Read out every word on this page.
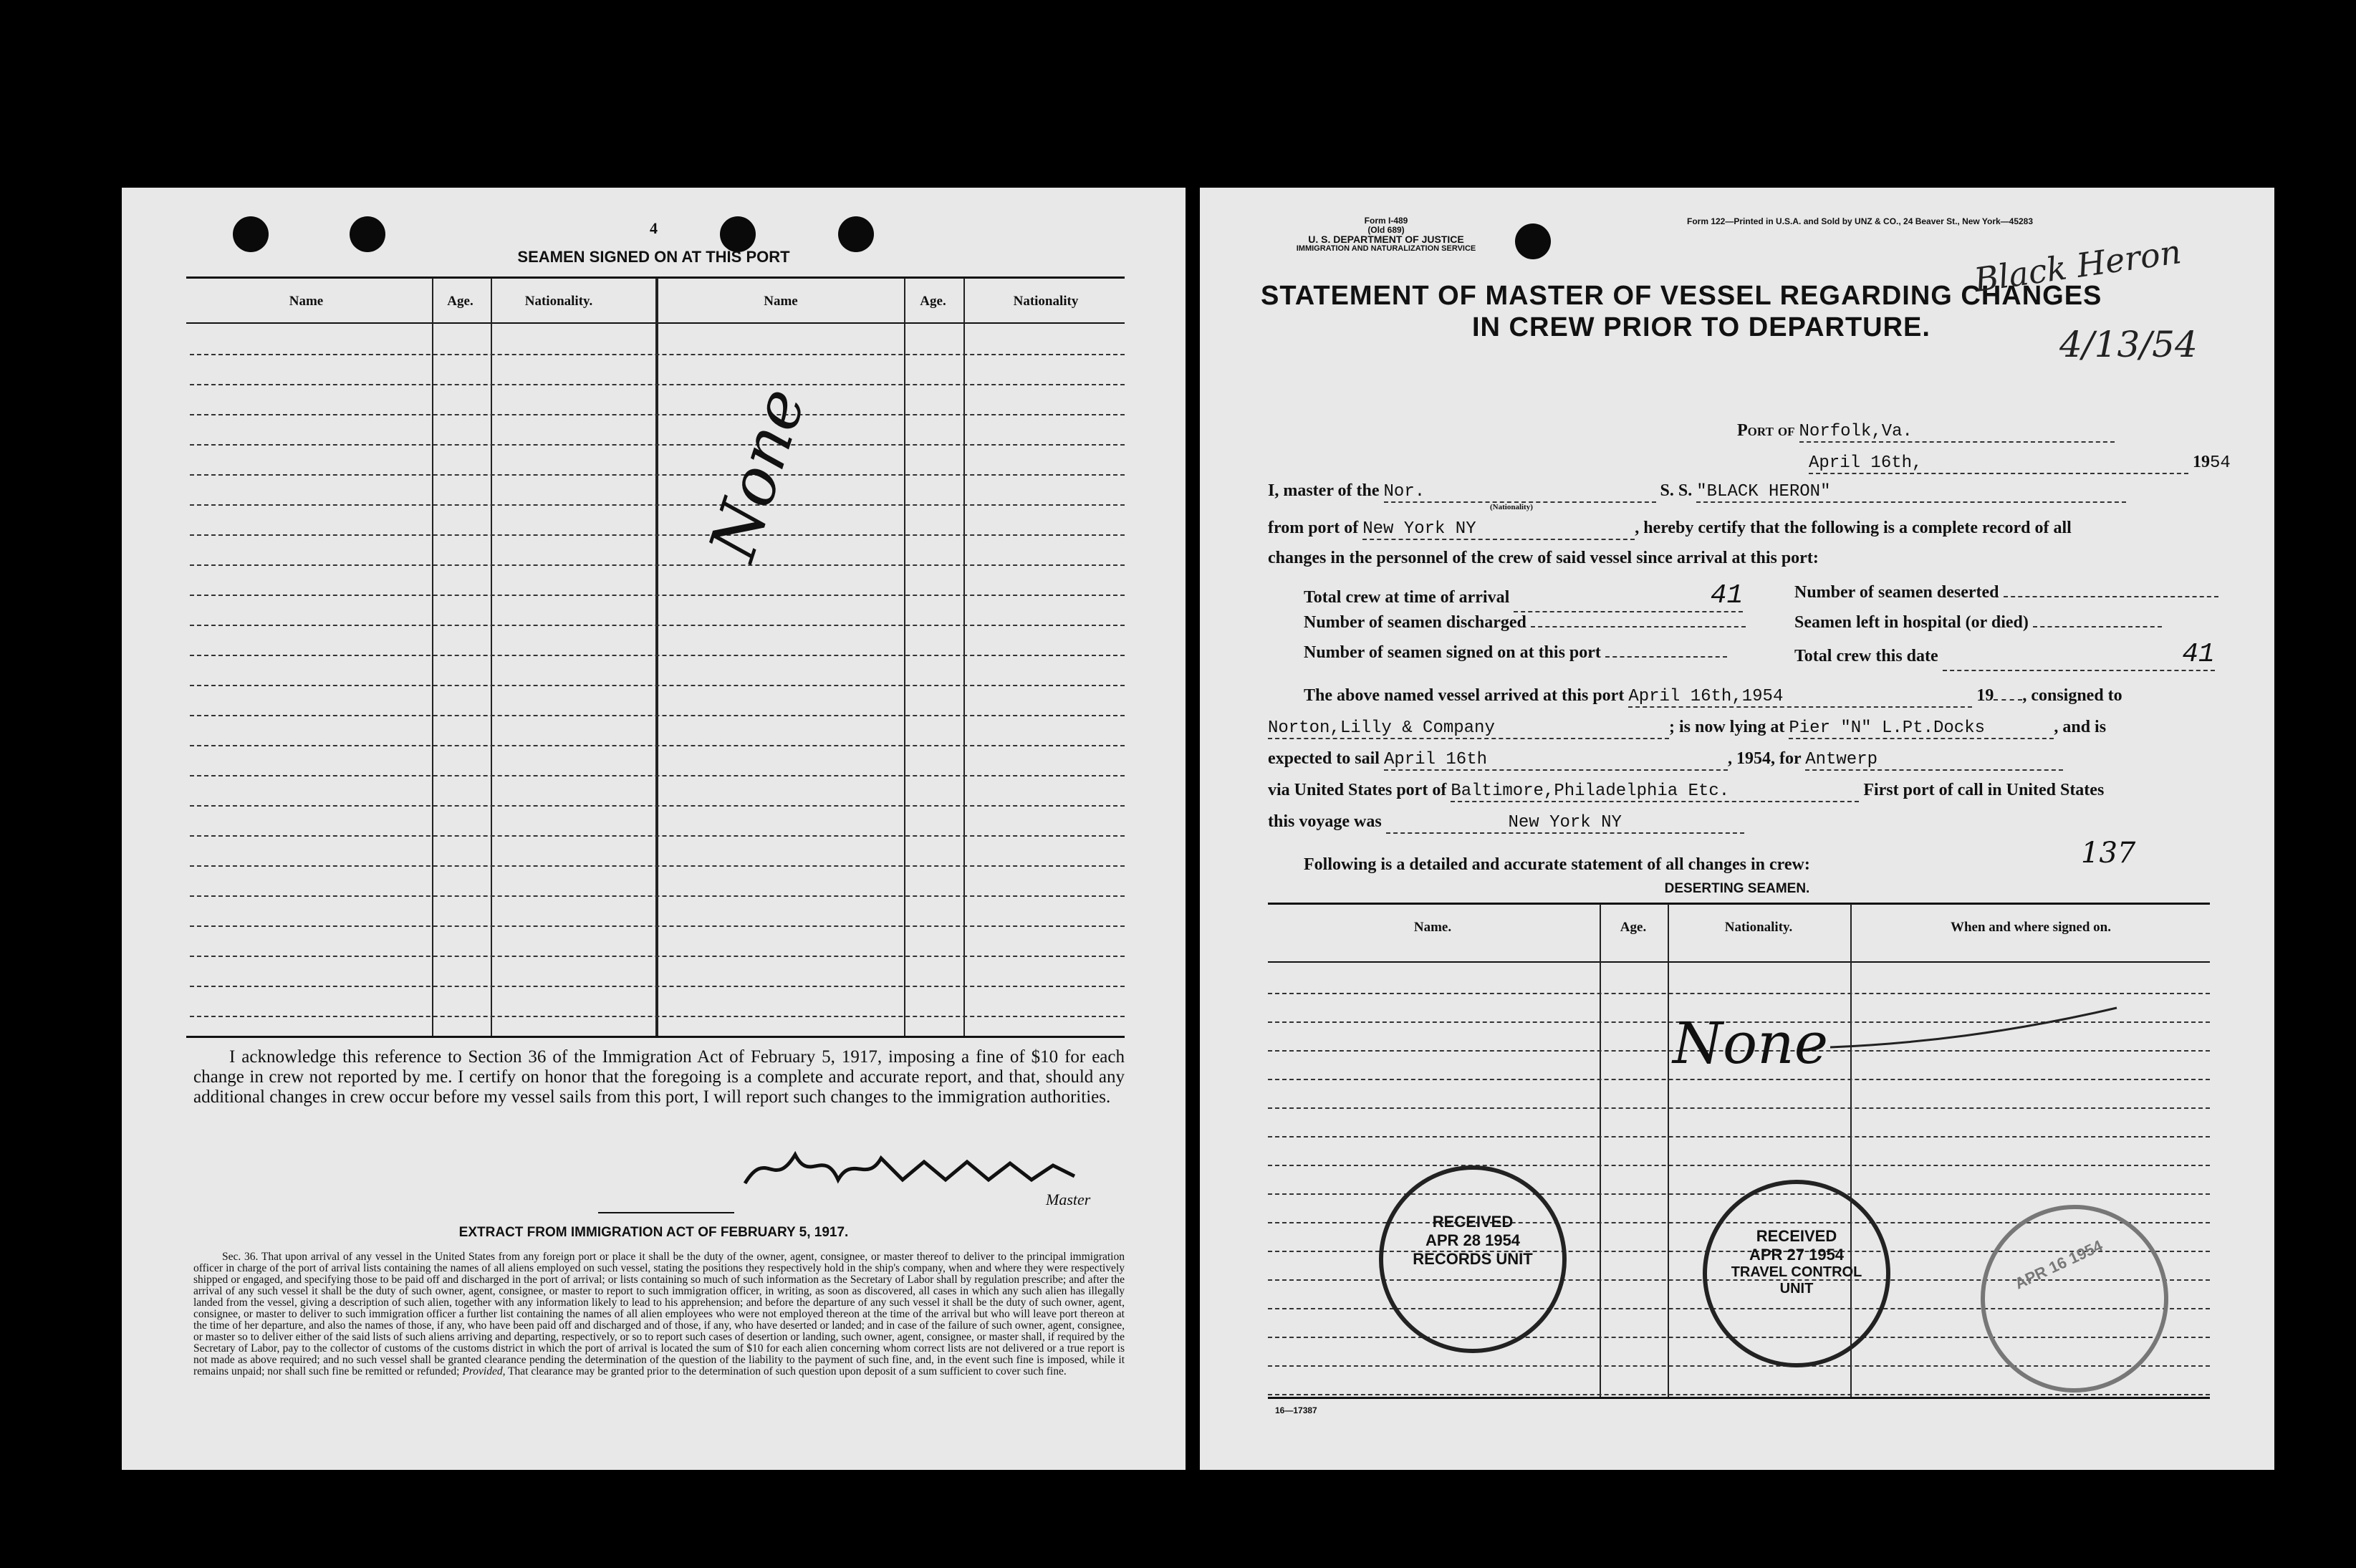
4
SEAMEN SIGNED ON AT THIS PORT
Name	Age.	Nationality.	Name	Age.	Nationality
None
I acknowledge this reference to Section 36 of the Immigration Act of February 5, 1917, imposing a fine of $10 for each change in crew not reported by me. I certify on honor that the foregoing is a complete and accurate report, and that, should any additional changes in crew occur before my vessel sails from this port, I will report such changes to the immigration authorities.
Master
EXTRACT FROM IMMIGRATION ACT OF FEBRUARY 5, 1917.
Sec. 36. That upon arrival of any vessel in the United States from any foreign port or place it shall be the duty of the owner, agent, consignee, or master thereof to deliver to the principal immigration officer in charge of the port of arrival lists containing the names of all aliens employed on such vessel, stating the positions they respectively hold in the ship's company, when and where they were respectively shipped or engaged, and specifying those to be paid off and discharged in the port of arrival; or lists containing so much of such information as the Secretary of Labor shall by regulation prescribe; and after the arrival of any such vessel it shall be the duty of such owner, agent, consignee, or master to report to such immigration officer, in writing, as soon as discovered, all cases in which any such alien has illegally landed from the vessel, giving a description of such alien, together with any information likely to lead to his apprehension; and before the departure of any such vessel it shall be the duty of such owner, agent, consignee, or master to deliver to such immigration officer a further list containing the names of all alien employees who were not employed thereon at the time of the arrival but who will leave port thereon at the time of her departure, and also the names of those, if any, who have been paid off and discharged and of those, if any, who have deserted or landed; and in case of the failure of such owner, agent, consignee, or master so to deliver either of the said lists of such aliens arriving and departing, respectively, or so to report such cases of desertion or landing, such owner, agent, consignee, or master shall, if required by the Secretary of Labor, pay to the collector of customs of the customs district in which the port of arrival is located the sum of $10 for each alien concerning whom correct lists are not delivered or a true report is not made as above required; and no such vessel shall be granted clearance pending the determination of the question of the liability to the payment of such fine, and, in the event such fine is imposed, while it remains unpaid; nor shall such fine be remitted or refunded; Provided, That clearance may be granted prior to the determination of such question upon deposit of a sum sufficient to cover such fine.
Form I-489
(Old 689)
U. S. DEPARTMENT OF JUSTICE
IMMIGRATION AND NATURALIZATION SERVICE
Form 122—Printed in U.S.A. and Sold by UNZ & CO., 24 Beaver St., New York—45283
STATEMENT OF MASTER OF VESSEL REGARDING CHANGES
IN CREW PRIOR TO DEPARTURE.
Black Heron
4/13/54
Port of Norfolk,Va.
April 16th,	1954
I, master of the Nor.	S. S. "BLACK HERON"
(Nationality)
from port of New York NY	, hereby certify that the following is a complete record of all
changes in the personnel of the crew of said vessel since arrival at this port:
Total crew at time of arrival	41	Number of seamen deserted
Number of seamen discharged	Seamen left in hospital (or died)
Number of seamen signed on at this port	Total crew this date	41
The above named vessel arrived at this port April 16th,1954	19 , consigned to
Norton,Lilly & Company	; is now lying at Pier "N" L.Pt.Docks	, and is
expected to sail April 16th	, 1954, for Antwerp
via United States port of Baltimore,Philadelphia Etc.	First port of call in United States
this voyage was	New York NY
Following is a detailed and accurate statement of all changes in crew:	137
DESERTING SEAMEN.
Name.	Age.	Nationality.	When and where signed on.
None
RECEIVED
APR 28 1954
RECORDS UNIT
RECEIVED
APR 27 1954
TRAVEL CONTROL UNIT	APR 16 1954
16—17387
